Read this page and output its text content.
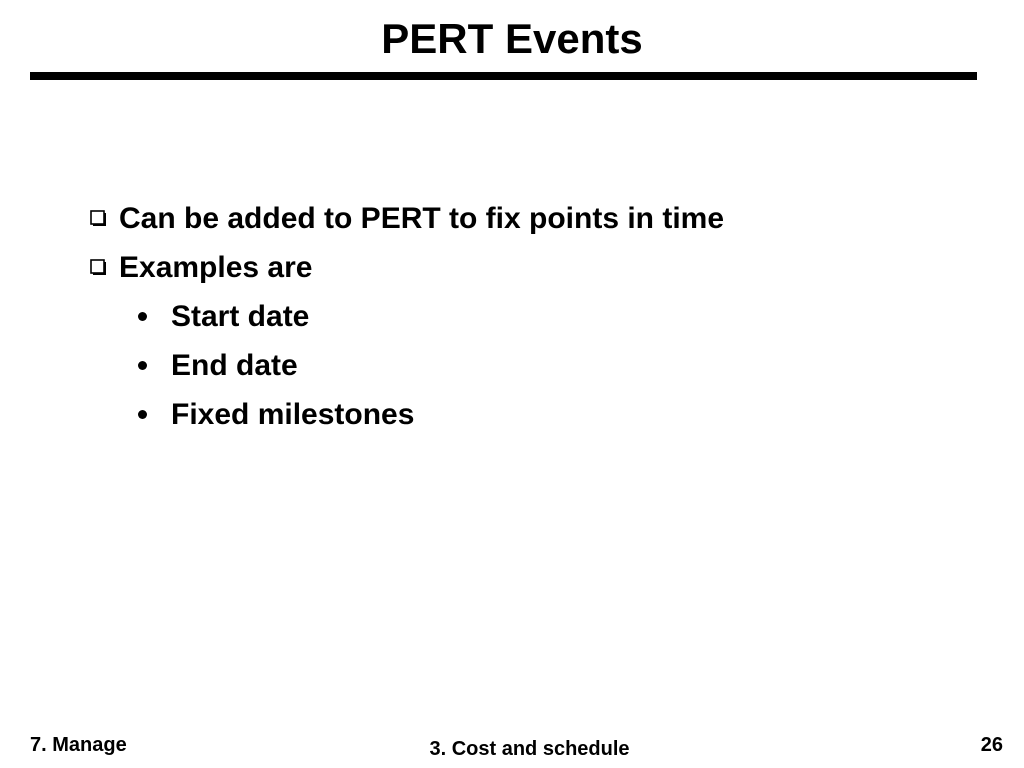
PERT Events
Can be added to PERT to fix points in time
Examples are
Start date
End date
Fixed milestones
7. Manage	3. Cost and schedule	26
